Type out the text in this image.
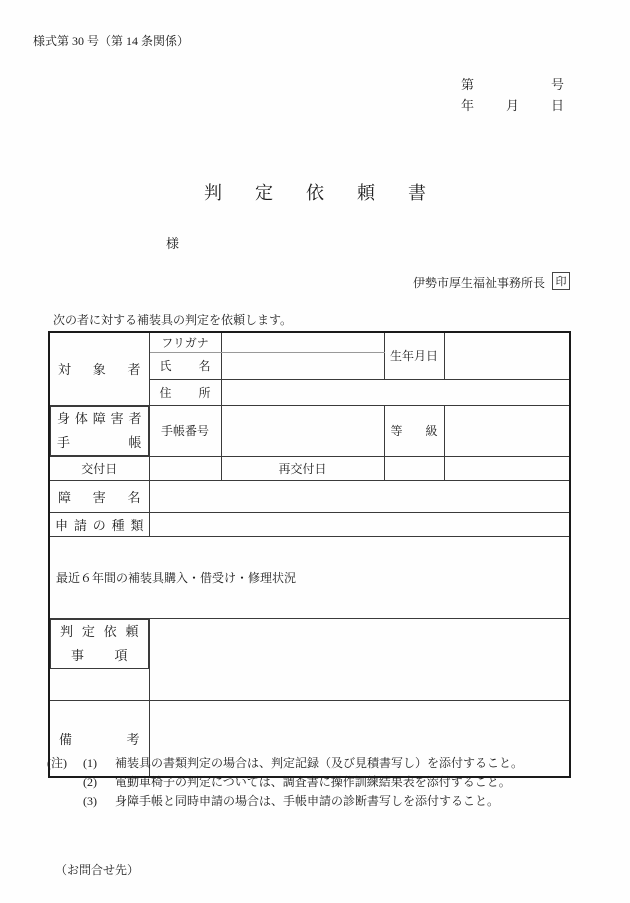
様式第 30 号（第 14 条関係）
第	号
年 月 日
判 定 依 頼 書
様
伊勢市厚生福祉事務所長 印
次の者に対する補装具の判定を依頼します。
対 象 者	フリガナ		生年月日	

	氏 名			

	住 所			

身 体 障 害 者
手	帳
手帳番号		等 級

交付日		再交付日		

障 害 名				

申 請 の 種 類				

最近６年間の補装具購入・借受け・修理状況				

判 定 依 頼
事 項

備 考				

(注) (1) 補装具の書類判定の場合は、判定記録（及び見積書写し）を添付すること。
(2) 電動車椅子の判定については、調査書に操作訓練結果表を添付すること。
(3) 身障手帳と同時申請の場合は、手帳申請の診断書写しを添付すること。
（お問合せ先）
